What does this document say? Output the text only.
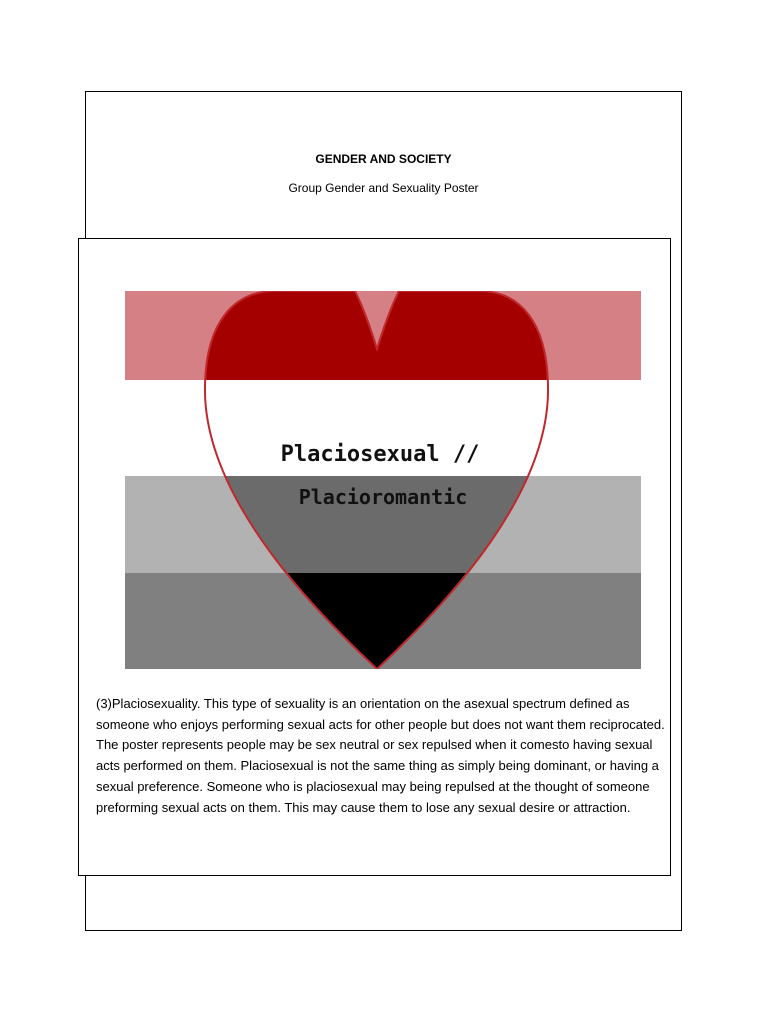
GENDER AND SOCIETY
Group Gender and Sexuality Poster
Placiosexual //
Placioromantic
(3)Placiosexuality. This type of sexuality is an orientation on the asexual spectrum defined as someone who enjoys performing sexual acts for other people but does not want them reciprocated. The poster represents people may be sex neutral or sex repulsed when it comesto having sexual acts performed on them. Placiosexual is not the same thing as simply being dominant, or having a sexual preference. Someone who is placiosexual may being repulsed at the thought of someone preforming sexual acts on them. This may cause them to lose any sexual desire or attraction.
